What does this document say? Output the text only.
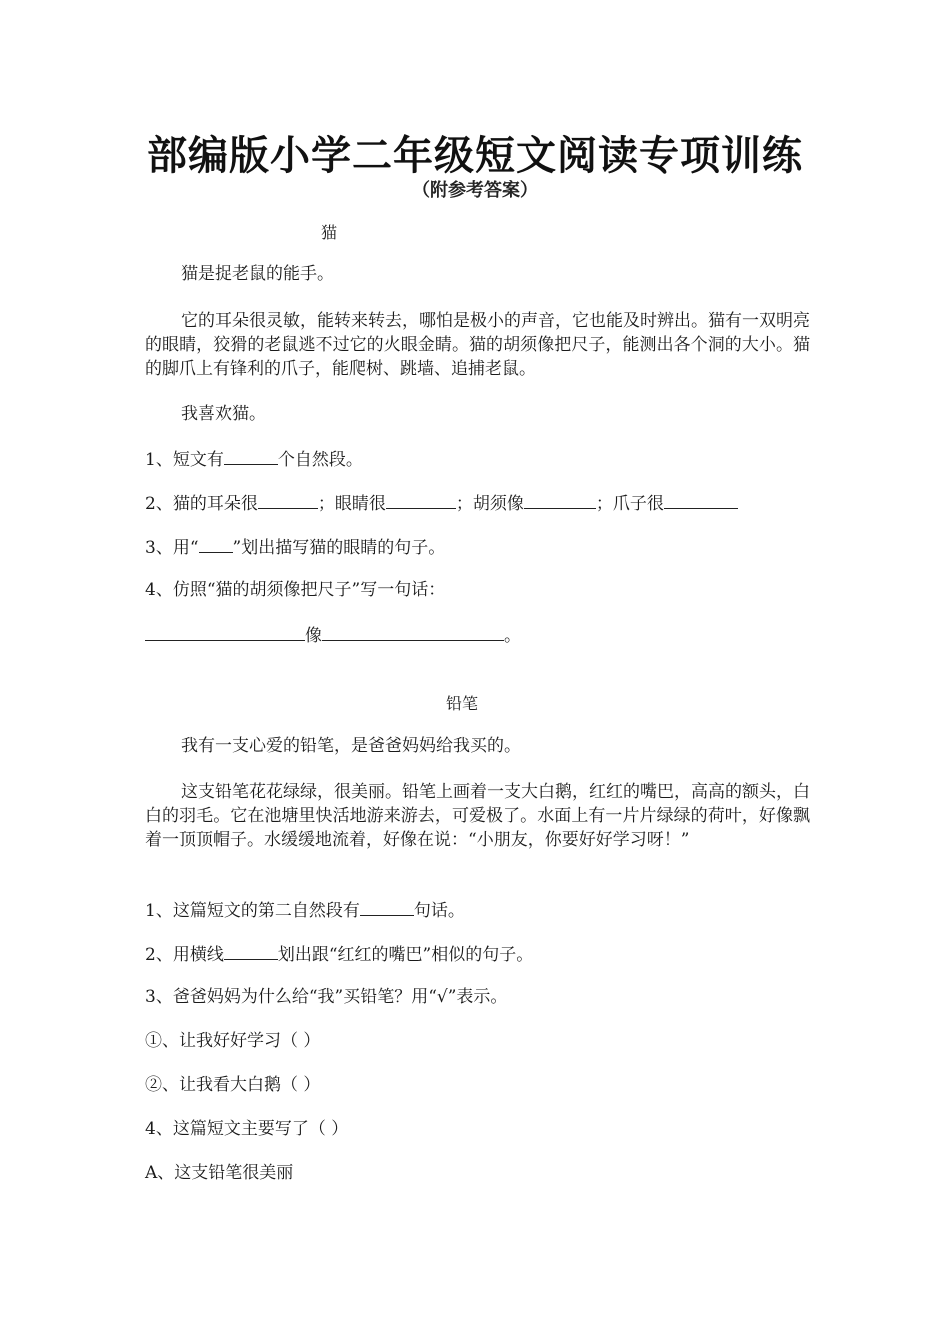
部编版小学二年级短文阅读专项训练
（附参考答案）
猫
猫是捉老鼠的能手。
它的耳朵很灵敏，能转来转去，哪怕是极小的声音，它也能及时辨出。猫有一双明亮的眼睛，狡猾的老鼠逃不过它的火眼金睛。猫的胡须像把尺子，能测出各个洞的大小。猫的脚爪上有锋利的爪子，能爬树、跳墙、追捕老鼠。
我喜欢猫。
1、短文有	个自然段。
2、猫的耳朵很	；眼睛很	；胡须像	；爪子很
3、用“ ”划出描写猫的眼睛的句子。
4、仿照“猫的胡须像把尺子”写一句话：
像	。
铅笔
我有一支心爱的铅笔，是爸爸妈妈给我买的。
这支铅笔花花绿绿，很美丽。铅笔上画着一支大白鹅，红红的嘴巴，高高的额头，白白的羽毛。它在池塘里快活地游来游去，可爱极了。水面上有一片片绿绿的荷叶，好像飘着一顶顶帽子。水缓缓地流着，好像在说：“小朋友，你要好好学习呀！”
1、这篇短文的第二自然段有	句话。
2、用横线	划出跟“红红的嘴巴”相似的句子。
3、爸爸妈妈为什么给“我”买铅笔？用“√”表示。
①、让我好好学习（ ）
②、让我看大白鹅（ ）
4、这篇短文主要写了（ ）
A、这支铅笔很美丽
